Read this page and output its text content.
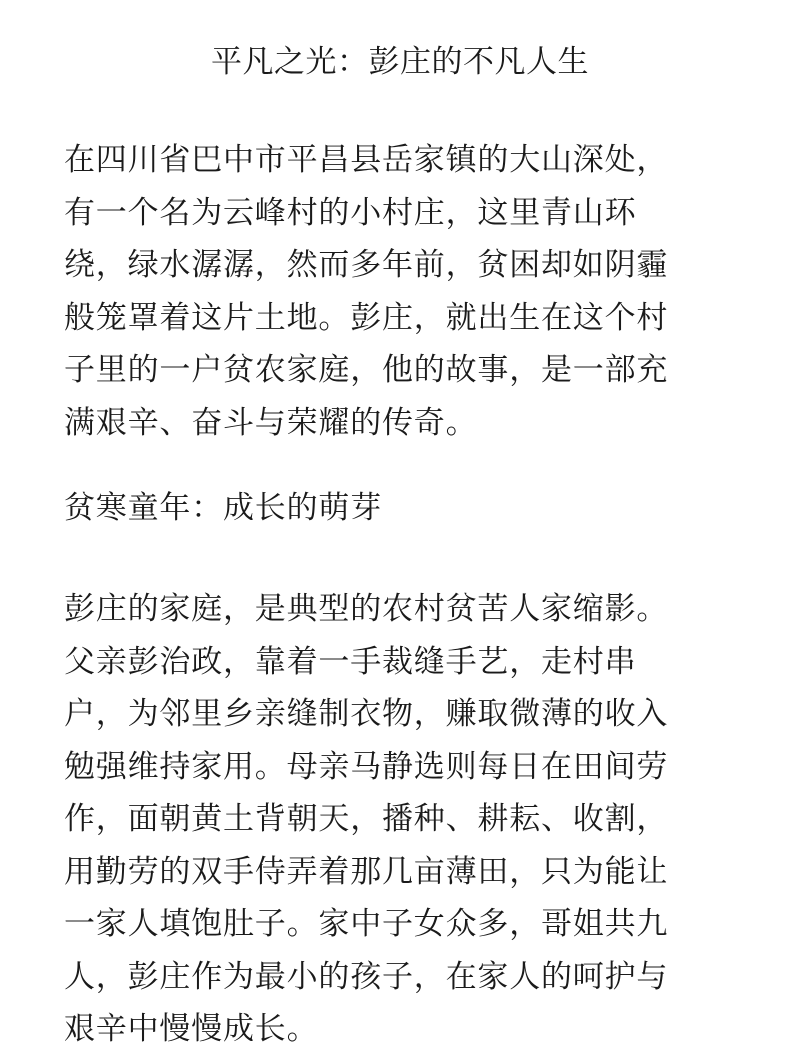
平凡之光：彭庄的不凡人生

在四川省巴中市平昌县岳家镇的大山深处，
有一个名为云峰村的小村庄，这里青山环
绕，绿水潺潺，然而多年前，贫困却如阴霾
般笼罩着这片土地。彭庄，就出生在这个村
子里的一户贫农家庭，他的故事，是一部充
满艰辛、奋斗与荣耀的传奇。

贫寒童年：成长的萌芽

彭庄的家庭，是典型的农村贫苦人家缩影。
父亲彭治政，靠着一手裁缝手艺，走村串
户，为邻里乡亲缝制衣物，赚取微薄的收入
勉强维持家用。母亲马静选则每日在田间劳
作，面朝黄土背朝天，播种、耕耘、收割，
用勤劳的双手侍弄着那几亩薄田，只为能让
一家人填饱肚子。家中子女众多，哥姐共九
人，彭庄作为最小的孩子，在家人的呵护与
艰辛中慢慢成长。
